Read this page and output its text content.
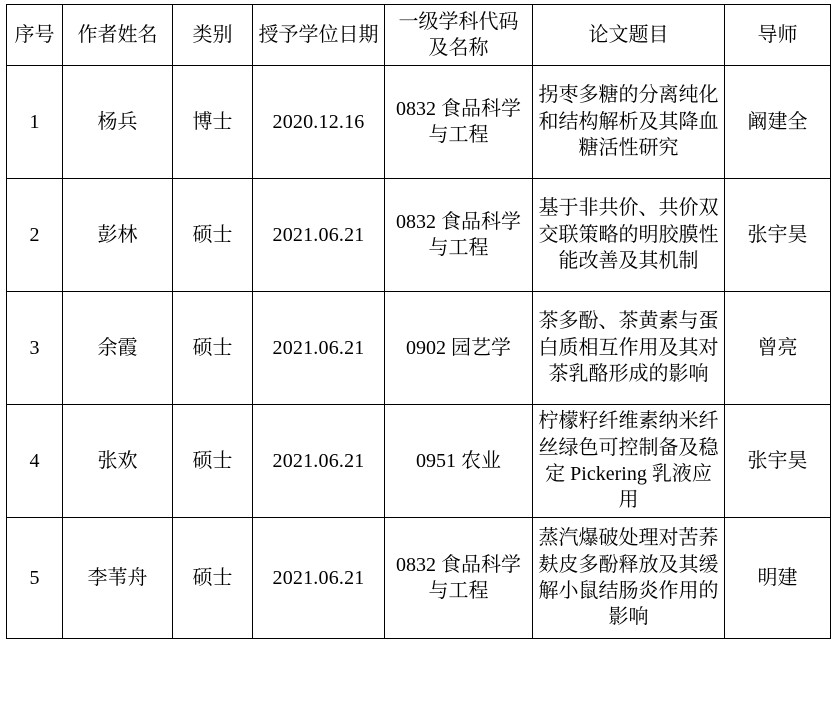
序号	作者姓名	类别	授予学位日期	一级学科代码及名称	论文题目	导师

1	杨兵	博士	2020.12.16	0832 食品科学与工程	拐枣多糖的分离纯化和结构解析及其降血糖活性研究	阚建全
2	彭林	硕士	2021.06.21	0832 食品科学与工程	基于非共价、共价双交联策略的明胶膜性能改善及其机制	张宇昊
3	余霞	硕士	2021.06.21	0902 园艺学	茶多酚、茶黄素与蛋白质相互作用及其对茶乳酪形成的影响	曾亮
4	张欢	硕士	2021.06.21	0951 农业	柠檬籽纤维素纳米纤丝绿色可控制备及稳定 Pickering 乳液应用	张宇昊
5	李苇舟	硕士	2021.06.21	0832 食品科学与工程	蒸汽爆破处理对苦荞麸皮多酚释放及其缓解小鼠结肠炎作用的影响	明建
